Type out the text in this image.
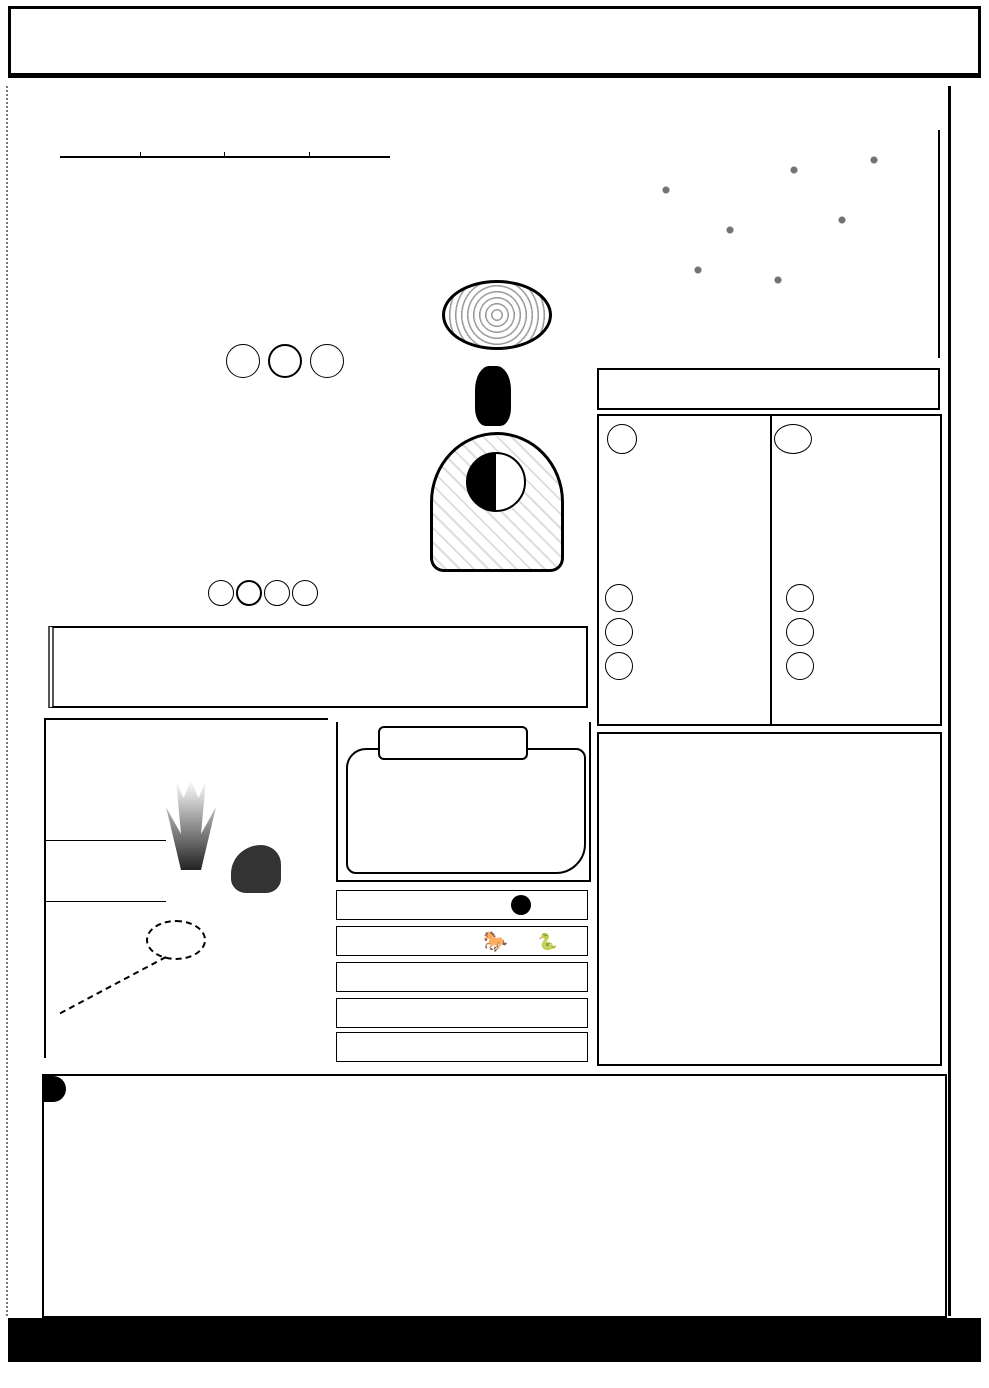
🐎 🐍
